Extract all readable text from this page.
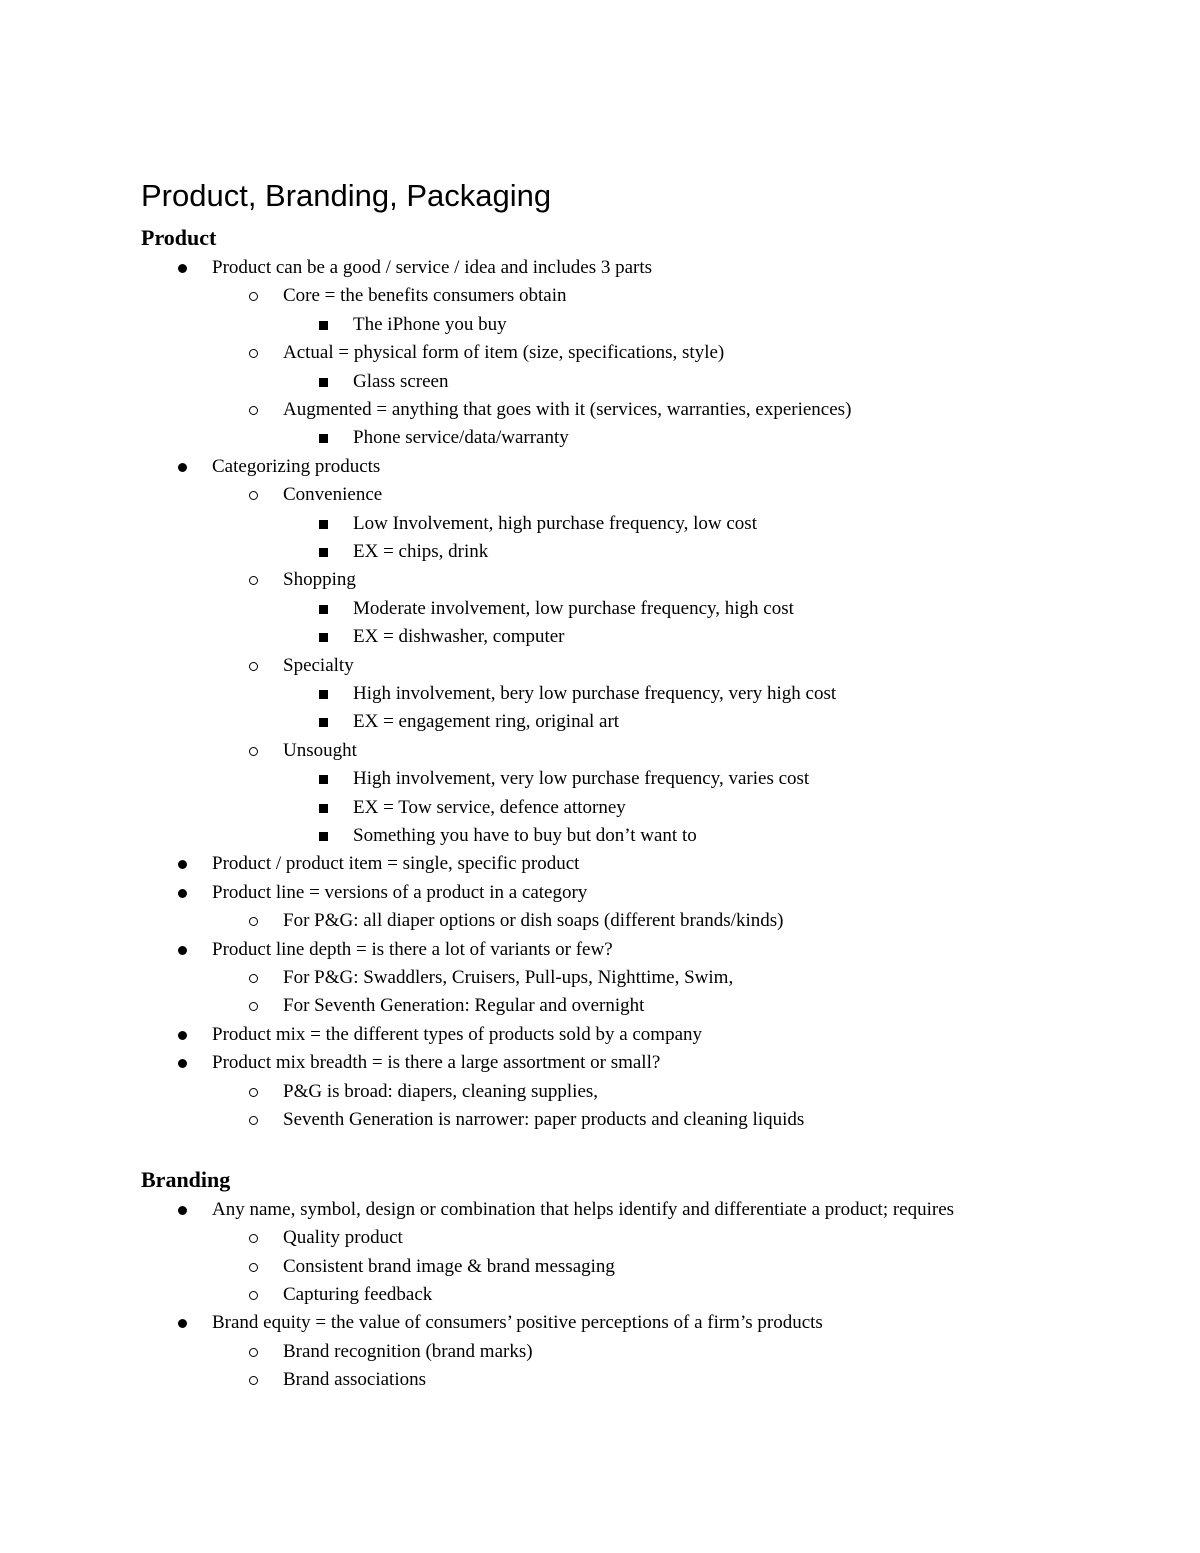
Product, Branding, Packaging
Product
Product can be a good / service / idea and includes 3 parts
Core = the benefits consumers obtain
The iPhone you buy
Actual = physical form of item (size, specifications, style)
Glass screen
Augmented = anything that goes with it (services, warranties, experiences)
Phone service/data/warranty
Categorizing products
Convenience
Low Involvement, high purchase frequency, low cost
EX = chips, drink
Shopping
Moderate involvement, low purchase frequency, high cost
EX = dishwasher, computer
Specialty
High involvement, bery low purchase frequency, very high cost
EX = engagement ring, original art
Unsought
High involvement, very low purchase frequency, varies cost
EX = Tow service, defence attorney
Something you have to buy but don’t want to
Product / product item = single, specific product
Product line = versions of a product in a category
For P&G: all diaper options or dish soaps (different brands/kinds)
Product line depth = is there a lot of variants or few?
For P&G: Swaddlers, Cruisers, Pull-ups, Nighttime, Swim,
For Seventh Generation: Regular and overnight
Product mix = the different types of products sold by a company
Product mix breadth = is there a large assortment or small?
P&G is broad: diapers, cleaning supplies,
Seventh Generation is narrower: paper products and cleaning liquids
Branding
Any name, symbol, design or combination that helps identify and differentiate a product; requires
Quality product
Consistent brand image & brand messaging
Capturing feedback
Brand equity = the value of consumers’ positive perceptions of a firm’s products
Brand recognition (brand marks)
Brand associations
